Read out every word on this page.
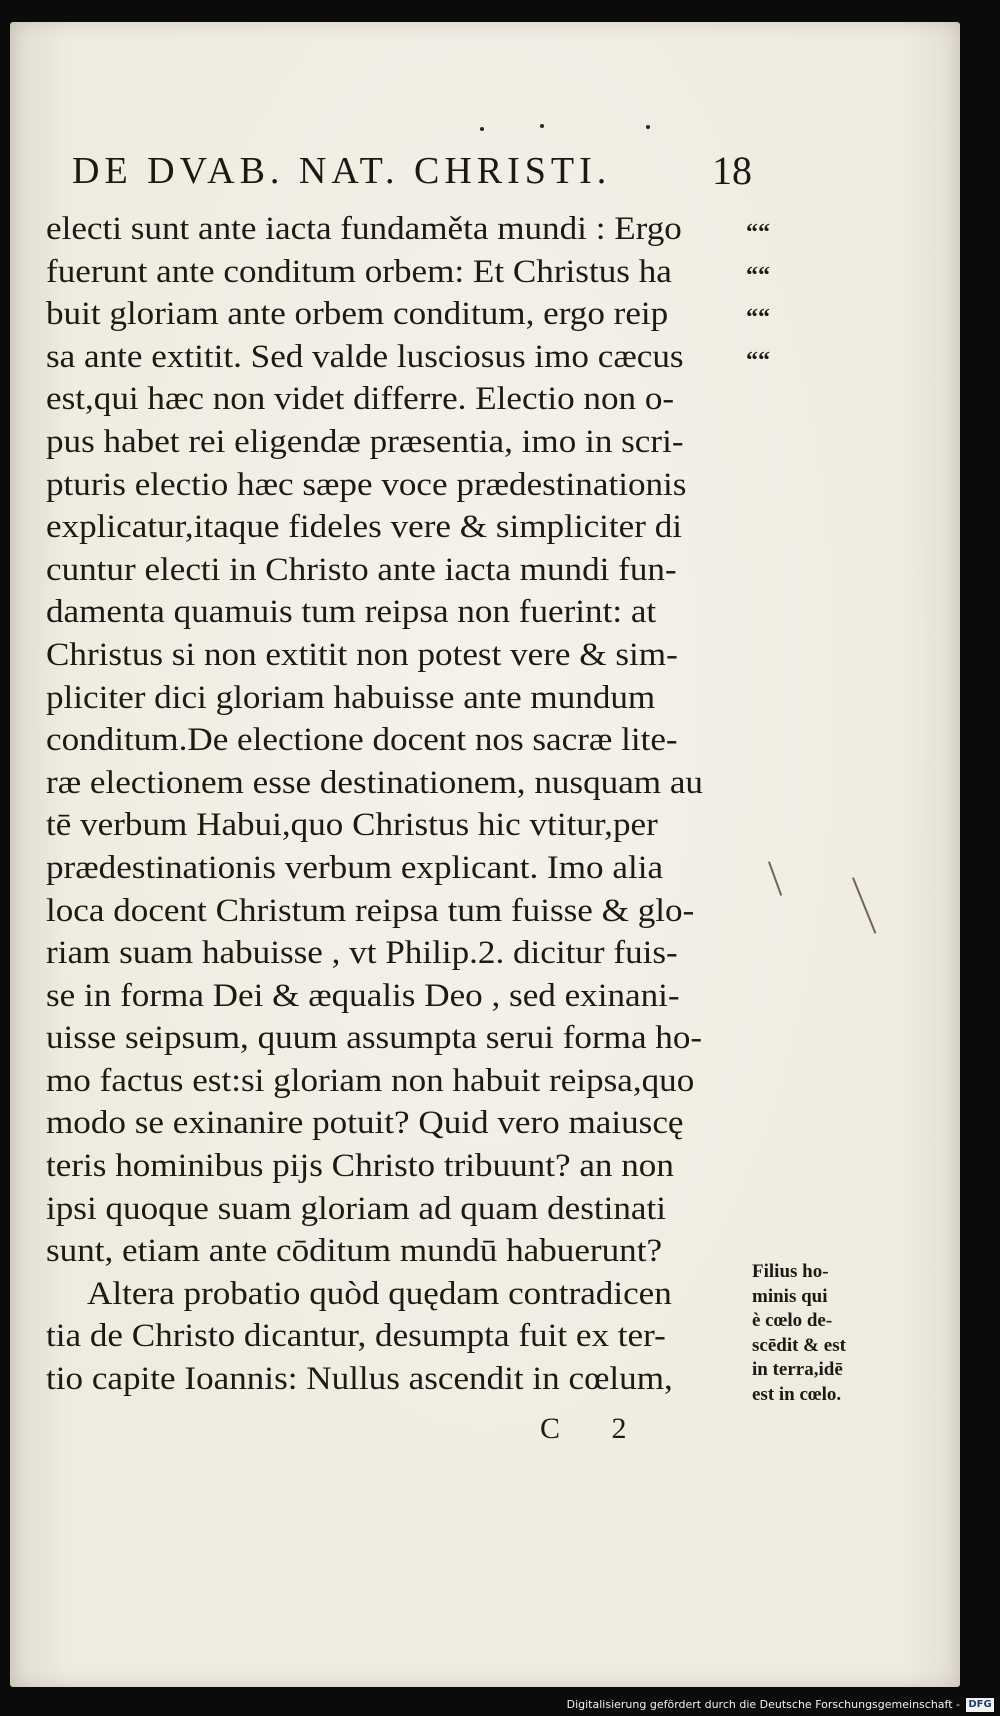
DE DVAB. NAT. CHRISTI.	18
electi sunt ante iacta fundaměta mundi : Ergo
fuerunt ante conditum orbem: Et Christus ha
buit gloriam ante orbem conditum, ergo reip
sa ante extitit. Sed valde lusciosus imo cæcus
est,qui hæc non videt differre. Electio non o-
pus habet rei eligendæ præsentia, imo in scri-
pturis electio hæc sæpe voce prædestinationis
explicatur,itaque fideles vere & simpliciter di
cuntur electi in Christo ante iacta mundi fun-
damenta quamuis tum reipsa non fuerint: at
Christus si non extitit non potest vere & sim-
pliciter dici gloriam habuisse ante mundum
conditum.De electione docent nos sacræ lite-
ræ electionem esse destinationem, nusquam au
tē verbum Habui,quo Christus hic vtitur,per
prædestinationis verbum explicant. Imo alia
loca docent Christum reipsa tum fuisse & glo-
riam suam habuisse , vt Philip.2. dicitur fuis-
se in forma Dei & æqualis Deo , sed exinani-
uisse seipsum, quum assumpta serui forma ho-
mo factus est:si gloriam non habuit reipsa,quo
modo se exinanire potuit? Quid vero maiuscę
teris hominibus pijs Christo tribuunt? an non
ipsi quoque suam gloriam ad quam destinati
sunt, etiam ante cōditum mundū habuerunt?
Altera probatio quòd quędam contradicen
tia de Christo dicantur, desumpta fuit ex ter-
tio capite Ioannis: Nullus ascendit in cœlum,
““
““
““
““
Filius ho-
minis qui
è cœlo de-
scēdit & est
in terra,idē
est in cœlo.
C 2
Digitalisierung gefördert durch die Deutsche Forschungsgemeinschaft - DFG
